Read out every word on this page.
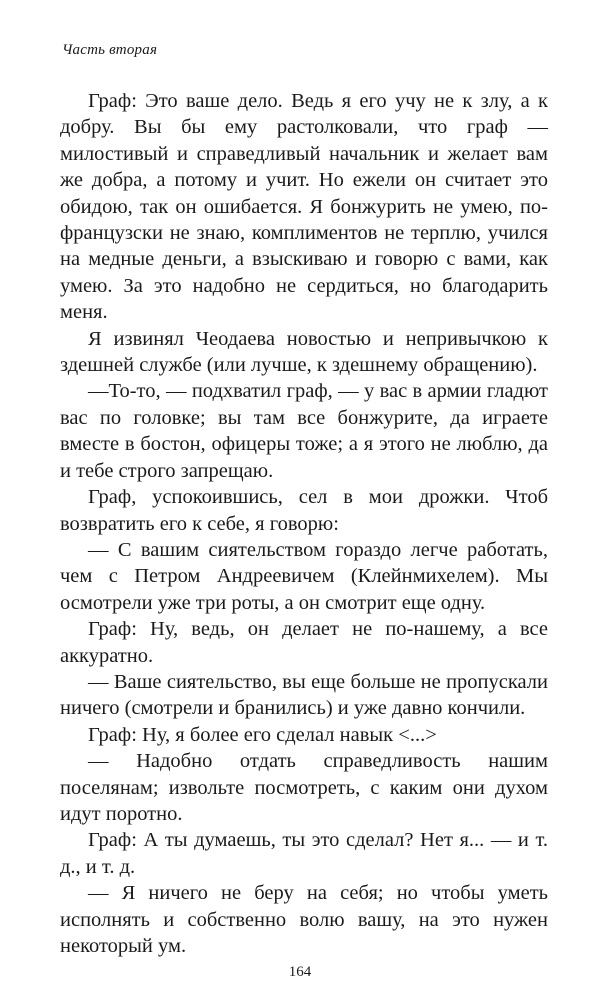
Часть вторая

Граф: Это ваше дело. Ведь я его учу не к злу, а к добру. Вы бы ему растолковали, что граф — милостивый и справедливый начальник и желает вам же добра, а потому и учит. Но ежели он считает это обидою, так он ошибается. Я бонжурить не умею, по-французски не знаю, комплиментов не терплю, учился на медные деньги, а взыскиваю и говорю с вами, как умею. За это надобно не сердиться, но благодарить меня.

Я извинял Чеодаева новостью и непривычкою к здешней службе (или лучше, к здешнему обращению).

—То-то, — подхватил граф, — у вас в армии гладют вас по головке; вы там все бонжурите, да играете вместе в бостон, офицеры тоже; а я этого не люблю, да и тебе строго запрещаю.

Граф, успокоившись, сел в мои дрожки. Чтоб возвратить его к себе, я говорю:

— С вашим сиятельством гораздо легче работать, чем с Петром Андреевичем (Клейнмихелем). Мы осмотрели уже три роты, а он смотрит еще одну.

Граф: Ну, ведь, он делает не по-нашему, а все аккуратно.

— Ваше сиятельство, вы еще больше не пропускали ничего (смотрели и бранились) и уже давно кончили.

Граф: Ну, я более его сделал навык <...>

— Надобно отдать справедливость нашим поселянам; извольте посмотреть, с каким они духом идут поротно.

Граф: А ты думаешь, ты это сделал? Нет я... — и т. д., и т. д.

— Я ничего не беру на себя; но чтобы уметь исполнять и собственно волю вашу, на это нужен некоторый ум.

164
